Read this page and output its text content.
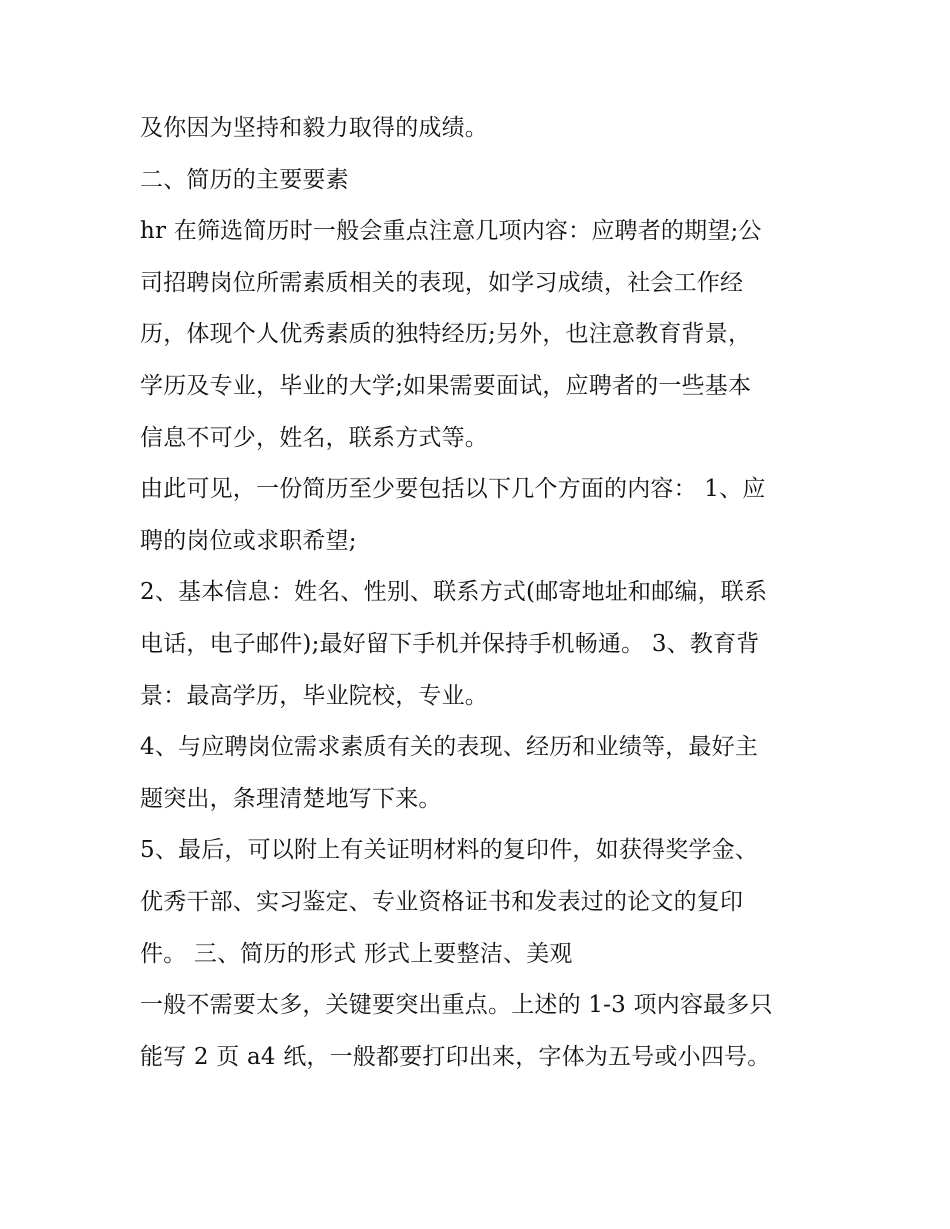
及你因为坚持和毅力取得的成绩。
二、简历的主要要素
hr 在筛选简历时一般会重点注意几项内容：应聘者的期望;公
司招聘岗位所需素质相关的表现，如学习成绩，社会工作经
历，体现个人优秀素质的独特经历;另外，也注意教育背景，
学历及专业，毕业的大学;如果需要面试，应聘者的一些基本
信息不可少，姓名，联系方式等。
由此可见，一份简历至少要包括以下几个方面的内容： 1、应
聘的岗位或求职希望;
2、基本信息：姓名、性别、联系方式(邮寄地址和邮编，联系
电话，电子邮件);最好留下手机并保持手机畅通。 3、教育背
景：最高学历，毕业院校，专业。
4、与应聘岗位需求素质有关的表现、经历和业绩等，最好主
题突出，条理清楚地写下来。
5、最后，可以附上有关证明材料的复印件，如获得奖学金、
优秀干部、实习鉴定、专业资格证书和发表过的论文的复印
件。 三、简历的形式 形式上要整洁、美观
一般不需要太多，关键要突出重点。上述的 1-3 项内容最多只
能写 2 页 a4 纸，一般都要打印出来，字体为五号或小四号。
